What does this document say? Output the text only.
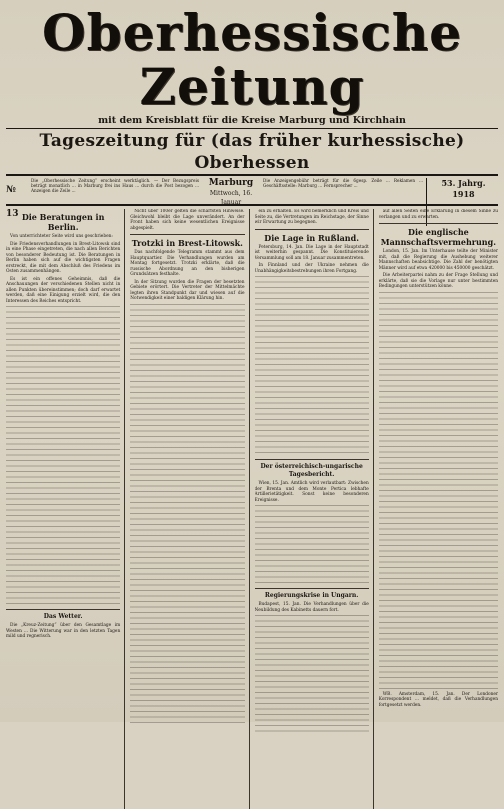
Oberhessische Zeitung
mit dem Kreisblatt für die Kreise Marburg und Kirchhain
Tageszeitung für (das früher kurhessische) Oberhessen
№ 13
Die „Oberhessische Zeitung“ erscheint werktäglich. — Der Bezugspreis beträgt monatlich ... in Marburg frei ins Haus ... durch die Post bezogen ... Anzeigen die Zeile ...
Marburg
Mittwoch, 16. Januar
Die Anzeigengebühr beträgt für die 6gesp. Zeile ... Reklamen ... Geschäftsstelle: Marburg ... Fernsprecher ...	53. Jahrg.
1918
Die Beratungen in Berlin.

Von unterrichteter Seite wird uns geschrieben:

Die Friedensverhandlungen in Brest-Litowsk sind in eine Phase eingetreten, die nach allen Berichten von besonderer Bedeutung ist. Die Beratungen in Berlin haben sich auf die wichtigsten Fragen erstreckt, die mit dem Abschluß des Friedens im Osten zusammenhängen.

Es ist ein offenes Geheimnis, daß die Anschauungen der verschiedenen Stellen nicht in allen Punkten übereinstimmen; doch darf erwartet werden, daß eine Einigung erzielt wird, die den Interessen des Reiches entspricht.

Das Wetter.

Die „Kreuz-Zeitung“ über den Gesamtlage im Westen ... Die Witterung war in den letzten Tagen mild und regnerisch.

Nicht über 100er gelten die schärfsten Hinweise. Gleichwohl bleibt die Lage unverändert. An der Front haben sich keine wesentlichen Ereignisse abgespielt.

Trotzki in Brest-Litowsk.

Das nachfolgende Telegramm stammt aus dem Hauptquartier. Die Verhandlungen wurden am Montag fortgesetzt. Trotzki erklärte, daß die russische Abordnung an den bisherigen Grundsätzen festhalte.

In der Sitzung wurden die Fragen der besetzten Gebiete erörtert. Die Vertreter der Mittelmächte legten ihren Standpunkt dar und wiesen auf die Notwendigkeit einer baldigen Klärung hin.

ein zu erhalten. Es wird bemerklich und Kreis und Seite zu, die Vertretungen im Reichstage, der Sinne wir Erwartung zu begegnen.

Die Lage in Rußland.

Petersburg, 14. Jan. Die Lage in der Hauptstadt ist weiterhin gespannt. Die Konstituierende Versammlung soll am 18. Januar zusammentreten.

In Finnland und der Ukraine nehmen die Unabhängigkeitsbestrebungen ihren Fortgang.

Der österreichisch-ungarische Tagesbericht.

Wien, 15. Jan. Amtlich wird verlautbart: Zwischen der Brenta und dem Monte Pertica lebhafte Artillerietätigkeit. Sonst keine besonderen Ereignisse.

Regierungskrise in Ungarn.

Budapest, 15. Jan. Die Verhandlungen über die Neubildung des Kabinetts dauern fort.

auf allen Seiten eine Erklärung in diesem Sinne zu verlangen und zu erwarten.

Die englische Mannschaftsvermehrung.

London, 15. Jan. Im Unterhause teilte der Minister mit, daß die Regierung die Aushebung weiterer Mannschaften beabsichtige. Die Zahl der benötigten Männer wird auf etwa 420000 bis 450000 geschätzt.

Die Arbeiterpartei nahm zu der Frage Stellung und erklärte, daß sie die Vorlage nur unter bestimmten Bedingungen unterstützen könne.

WB. Amsterdam, 15. Jan. Der Londoner Korrespondent ... meldet, daß die Verhandlungen fortgesetzt werden.
